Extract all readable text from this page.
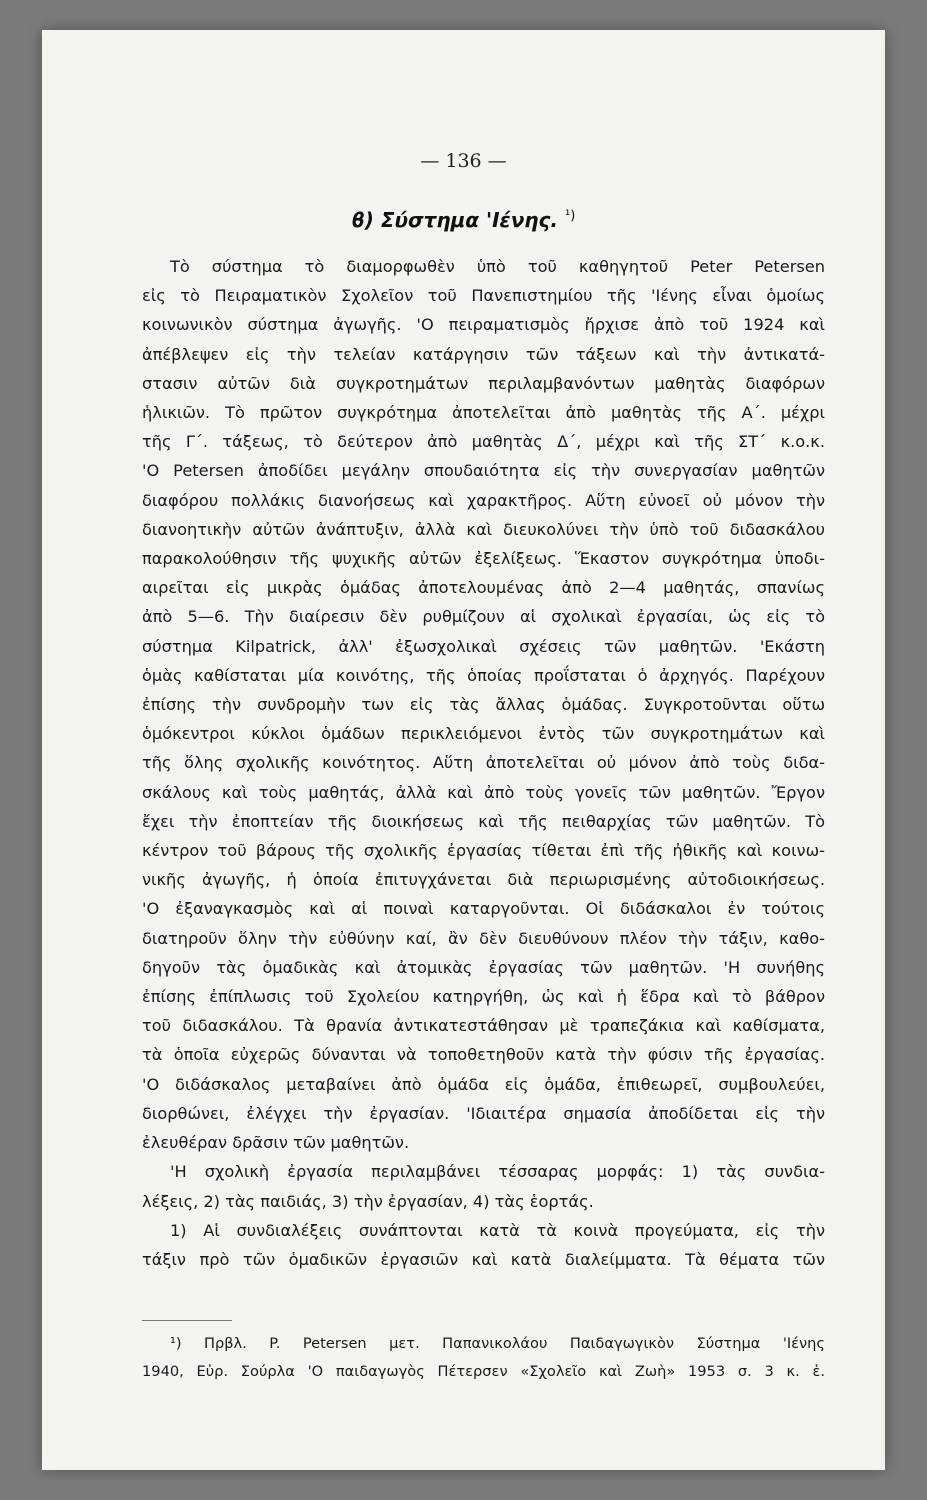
— 136 —
ϐ) Σύστημα 'Ιένης. $^{^1)}$
Τὸ σύστημα τὸ διαμορφωθὲν ὑπὸ τοῦ καθηγητοῦ Peter Petersen
εἰς τὸ Πειραματικὸν Σχολεῖον τοῦ Πανεπιστημίου τῆς 'Ιένης εἶναι ὁμοίως
κοινωνικὸν σύστημα ἀγωγῆς. 'Ο πειραματισμὸς ἤρχισε ἀπὸ τοῦ 1924 καὶ
ἀπέβλεψεν εἰς τὴν τελείαν κατάργησιν τῶν τάξεων καὶ τὴν ἀντικατά-
στασιν αὐτῶν διὰ συγκροτημάτων περιλαμβανόντων μαθητὰς διαφόρων
ἡλικιῶν. Τὸ πρῶτον συγκρότημα ἀποτελεῖται ἀπὸ μαθητὰς τῆς Α΄. μέχρι
τῆς Γ΄. τάξεως, τὸ δεύτερον ἀπὸ μαθητὰς Δ΄, μέχρι καὶ τῆς ΣΤ΄ κ.ο.κ.
'Ο Petersen ἀποδίδει μεγάλην σπουδαιότητα εἰς τὴν συνεργασίαν μαθητῶν
διαφόρου πολλάκις διανοήσεως καὶ χαρακτῆρος. Αὕτη εὐνοεῖ οὐ μόνον τὴν
διανοητικὴν αὐτῶν ἀνάπτυξιν, ἀλλὰ καὶ διευκολύνει τὴν ὑπὸ τοῦ διδασκάλου
παρακολούθησιν τῆς ψυχικῆς αὐτῶν ἐξελίξεως. Ἕκαστον συγκρότημα ὑποδι-
αιρεῖται εἰς μικρὰς ὁμάδας ἀποτελουμένας ἀπὸ 2—4 μαθητάς, σπανίως
ἀπὸ 5—6. Τὴν διαίρεσιν δὲν ρυθμίζουν αἱ σχολικαὶ ἐργασίαι, ὡς εἰς τὸ
σύστημα Kilpatrick, ἀλλ' ἐξωσχολικαὶ σχέσεις τῶν μαθητῶν. 'Εκάστη
ὁμὰς καθίσταται μία κοινότης, τῆς ὁποίας προΐσταται ὁ ἀρχηγός. Παρέχουν
ἐπίσης τὴν συνδρομὴν των εἰς τὰς ἄλλας ὁμάδας. Συγκροτοῦνται οὕτω
ὁμόκεντροι κύκλοι ὁμάδων περικλειόμενοι ἐντὸς τῶν συγκροτημάτων καὶ
τῆς ὅλης σχολικῆς κοινότητος. Αὕτη ἀποτελεῖται οὐ μόνον ἀπὸ τοὺς διδα-
σκάλους καὶ τοὺς μαθητάς, ἀλλὰ καὶ ἀπὸ τοὺς γονεῖς τῶν μαθητῶν. Ἔργον
ἔχει τὴν ἐποπτείαν τῆς διοικήσεως καὶ τῆς πειθαρχίας τῶν μαθητῶν. Τὸ
κέντρον τοῦ βάρους τῆς σχολικῆς ἐργασίας τίθεται ἐπὶ τῆς ἠθικῆς καὶ κοινω-
νικῆς ἀγωγῆς, ἡ ὁποία ἐπιτυγχάνεται διὰ περιωρισμένης αὐτοδιοικήσεως.
'Ο ἐξαναγκασμὸς καὶ αἱ ποιναὶ καταργοῦνται. Οἱ διδάσκαλοι ἐν τούτοις
διατηροῦν ὅλην τὴν εὐθύνην καί, ἂν δὲν διευθύνουν πλέον τὴν τάξιν, καθο-
δηγοῦν τὰς ὁμαδικὰς καὶ ἀτομικὰς ἐργασίας τῶν μαθητῶν. 'Η συνήθης
ἐπίσης ἐπίπλωσις τοῦ Σχολείου κατηργήθη, ὡς καὶ ἡ ἕδρα καὶ τὸ βάθρον
τοῦ διδασκάλου. Τὰ θρανία ἀντικατεστάθησαν μὲ τραπεζάκια καὶ καθίσματα,
τὰ ὁποῖα εὐχερῶς δύνανται νὰ τοποθετηθοῦν κατὰ τὴν φύσιν τῆς ἐργασίας.
'Ο διδάσκαλος μεταβαίνει ἀπὸ ὁμάδα εἰς ὁμάδα, ἐπιθεωρεῖ, συμβουλεύει,
διορθώνει, ἐλέγχει τὴν ἐργασίαν. 'Ιδιαιτέρα σημασία ἀποδίδεται εἰς τὴν
ἐλευθέραν δρᾶσιν τῶν μαθητῶν.
'Η σχολικὴ ἐργασία περιλαμβάνει τέσσαρας μορφάς: 1) τὰς συνδια-
λέξεις, 2) τὰς παιδιάς, 3) τὴν ἐργασίαν, 4) τὰς ἑορτάς.
1) Αἱ συνδιαλέξεις συνάπτονται κατὰ τὰ κοινὰ προγεύματα, εἰς τὴν
τάξιν πρὸ τῶν ὁμαδικῶν ἐργασιῶν καὶ κατὰ διαλείμματα. Τὰ θέματα τῶν
¹) Πρβλ. P. Petersen μετ. Παπανικολάου Παιδαγωγικὸν Σύστημα 'Ιένης
1940, Εὐρ. Σούρλα 'Ο παιδαγωγὸς Πέτερσεν «Σχολεῖο καὶ Ζωὴ» 1953 σ. 3 κ. ἑ.
